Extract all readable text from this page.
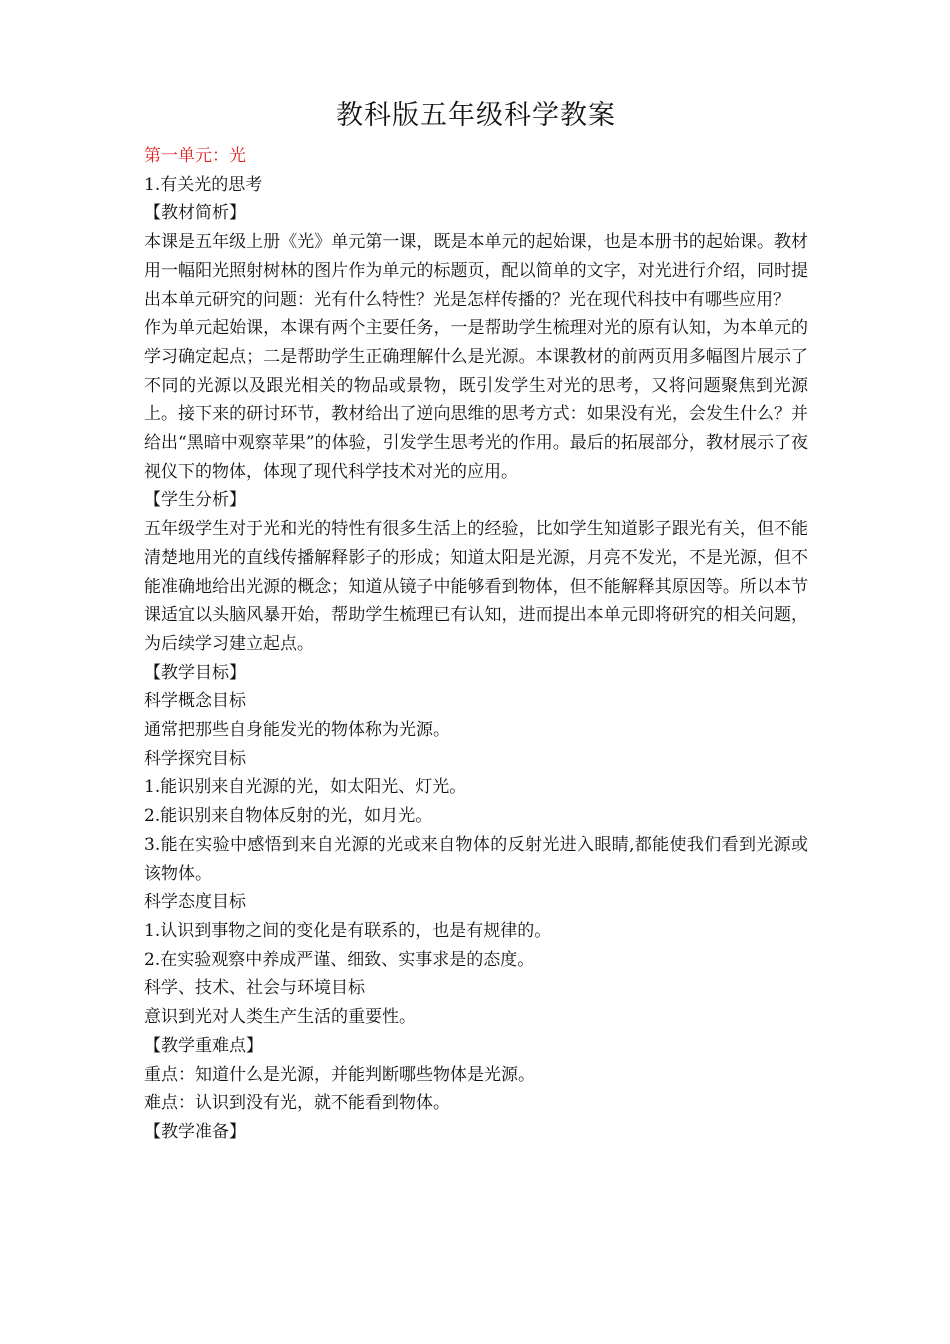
教科版五年级科学教案

第一单元：光

1.有关光的思考

【教材简析】

本课是五年级上册《光》单元第一课，既是本单元的起始课，也是本册书的起始课。教材用一幅阳光照射树林的图片作为单元的标题页，配以简单的文字，对光进行介绍，同时提出本单元研究的问题：光有什么特性？光是怎样传播的？光在现代科技中有哪些应用？

作为单元起始课，本课有两个主要任务，一是帮助学生梳理对光的原有认知，为本单元的学习确定起点；二是帮助学生正确理解什么是光源。本课教材的前两页用多幅图片展示了不同的光源以及跟光相关的物品或景物，既引发学生对光的思考，又将问题聚焦到光源上。接下来的研讨环节，教材给出了逆向思维的思考方式：如果没有光，会发生什么？并给出“黑暗中观察苹果”的体验，引发学生思考光的作用。最后的拓展部分，教材展示了夜视仪下的物体，体现了现代科学技术对光的应用。

【学生分析】

五年级学生对于光和光的特性有很多生活上的经验，比如学生知道影子跟光有关，但不能清楚地用光的直线传播解释影子的形成；知道太阳是光源，月亮不发光，不是光源，但不能准确地给出光源的概念；知道从镜子中能够看到物体，但不能解释其原因等。所以本节课适宜以头脑风暴开始，帮助学生梳理已有认知，进而提出本单元即将研究的相关问题，为后续学习建立起点。

【教学目标】

科学概念目标

通常把那些自身能发光的物体称为光源。

科学探究目标

1.能识别来自光源的光，如太阳光、灯光。

2.能识别来自物体反射的光，如月光。

3.能在实验中感悟到来自光源的光或来自物体的反射光进入眼睛,都能使我们看到光源或该物体。

科学态度目标

1.认识到事物之间的变化是有联系的，也是有规律的。

2.在实验观察中养成严谨、细致、实事求是的态度。

科学、技术、社会与环境目标

意识到光对人类生产生活的重要性。

【教学重难点】

重点：知道什么是光源，并能判断哪些物体是光源。

难点：认识到没有光，就不能看到物体。

【教学准备】
